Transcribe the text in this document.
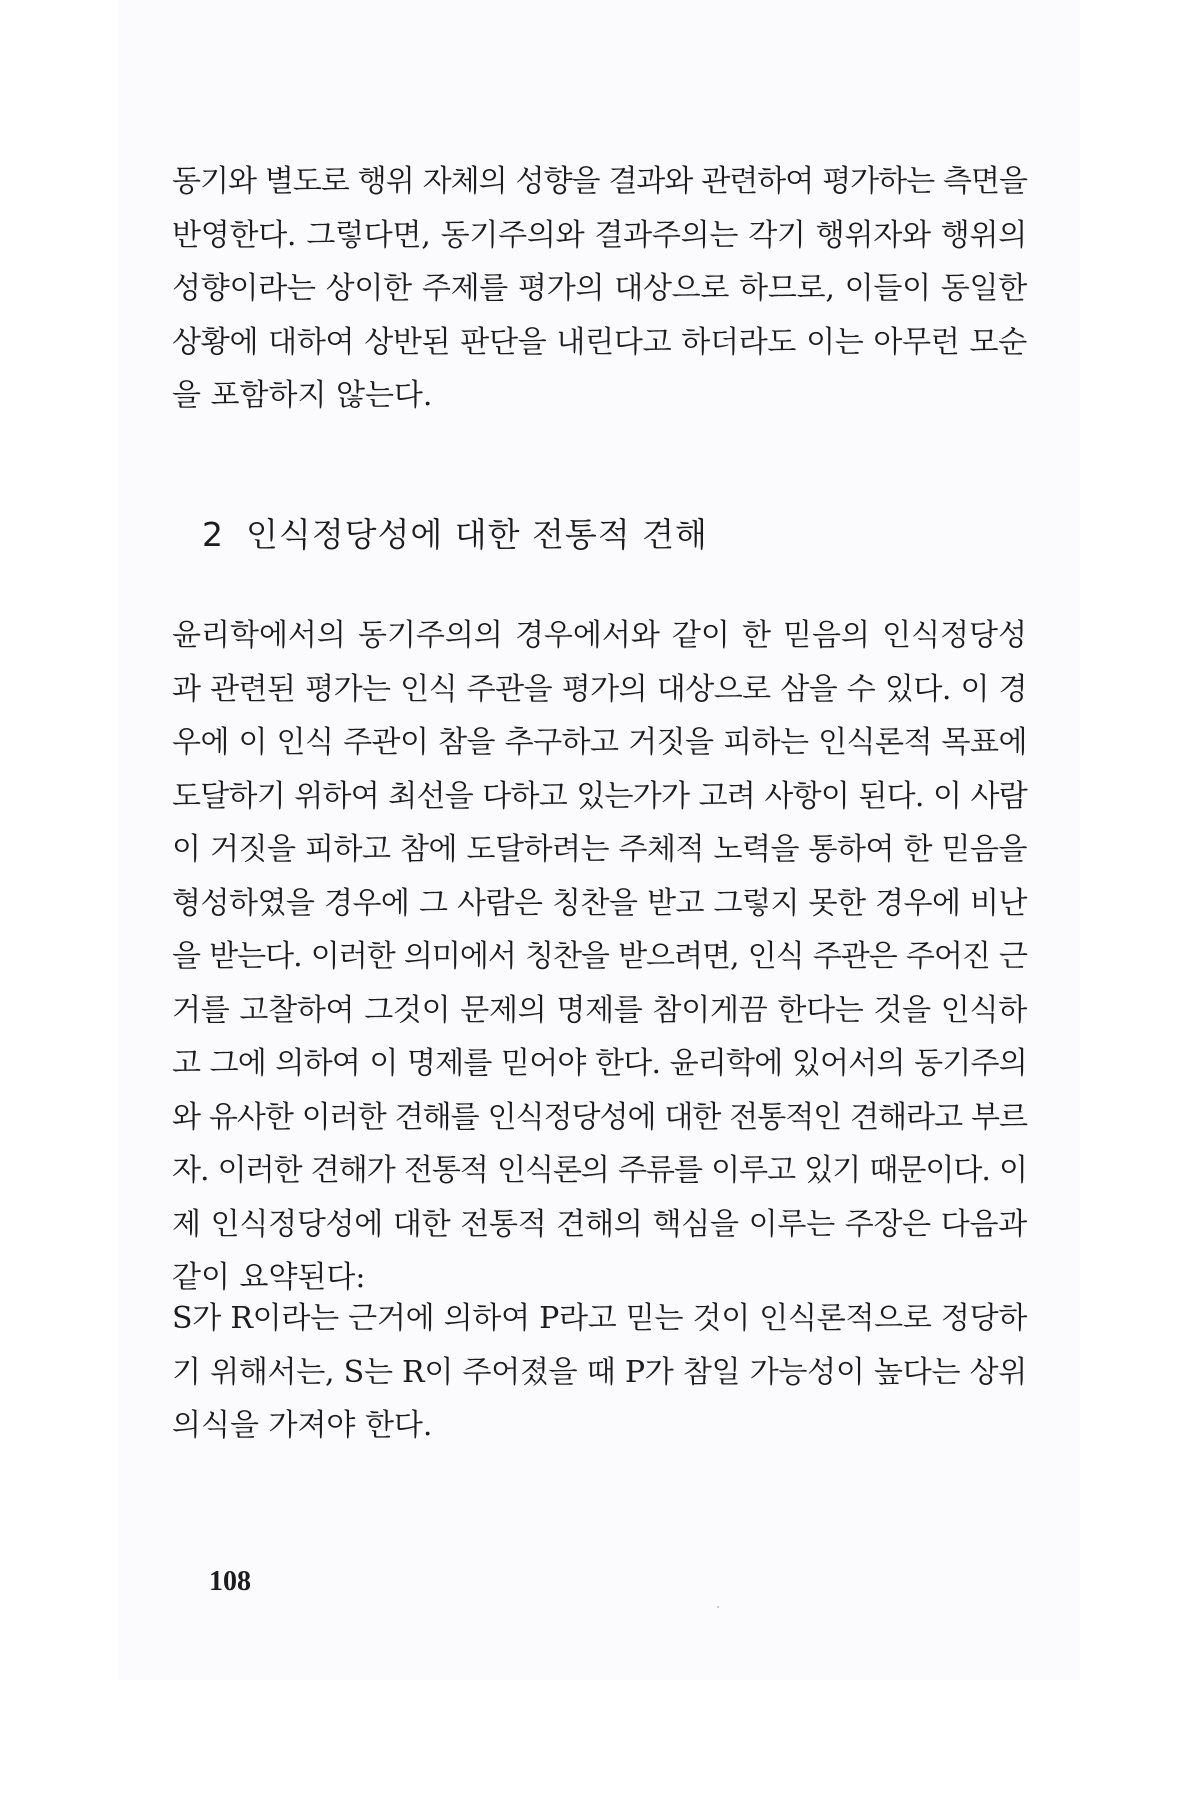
동기와 별도로 행위 자체의 성향을 결과와 관련하여 평가하는 측면을
반영한다. 그렇다면, 동기주의와 결과주의는 각기 행위자와 행위의
성향이라는 상이한 주제를 평가의 대상으로 하므로, 이들이 동일한
상황에 대하여 상반된 판단을 내린다고 하더라도 이는 아무런 모순
을 포함하지 않는다.
2 인식정당성에 대한 전통적 견해
윤리학에서의 동기주의의 경우에서와 같이 한 믿음의 인식정당성
과 관련된 평가는 인식 주관을 평가의 대상으로 삼을 수 있다. 이 경
우에 이 인식 주관이 참을 추구하고 거짓을 피하는 인식론적 목표에
도달하기 위하여 최선을 다하고 있는가가 고려 사항이 된다. 이 사람
이 거짓을 피하고 참에 도달하려는 주체적 노력을 통하여 한 믿음을
형성하였을 경우에 그 사람은 칭찬을 받고 그렇지 못한 경우에 비난
을 받는다. 이러한 의미에서 칭찬을 받으려면, 인식 주관은 주어진 근
거를 고찰하여 그것이 문제의 명제를 참이게끔 한다는 것을 인식하
고 그에 의하여 이 명제를 믿어야 한다. 윤리학에 있어서의 동기주의
와 유사한 이러한 견해를 인식정당성에 대한 전통적인 견해라고 부르
자. 이러한 견해가 전통적 인식론의 주류를 이루고 있기 때문이다. 이
제 인식정당성에 대한 전통적 견해의 핵심을 이루는 주장은 다음과
같이 요약된다:
S가 R이라는 근거에 의하여 P라고 믿는 것이 인식론적으로 정당하
기 위해서는, S는 R이 주어졌을 때 P가 참일 가능성이 높다는 상위
의식을 가져야 한다.
108
